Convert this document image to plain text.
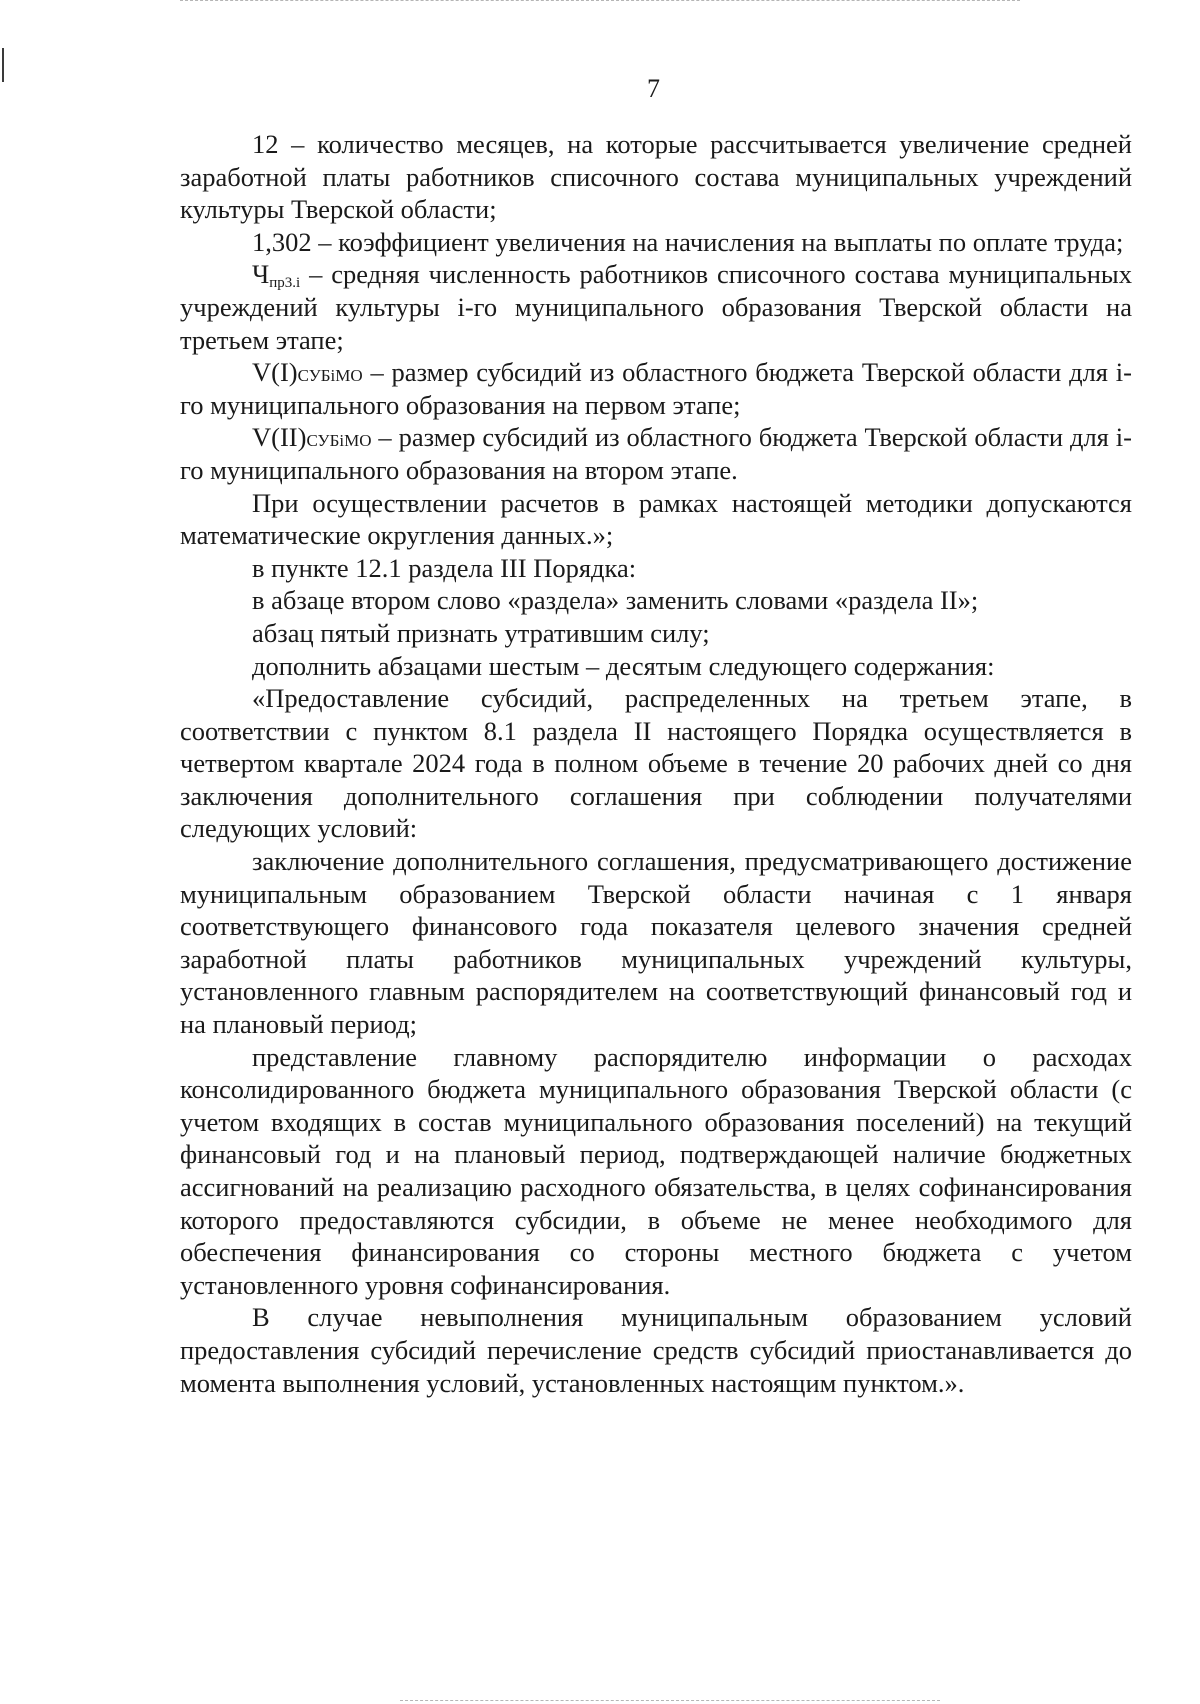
7

12 – количество месяцев, на которые рассчитывается увеличение средней заработной платы работников списочного состава муниципальных учреждений культуры Тверской области;

1,302 – коэффициент увеличения на начисления на выплаты по оплате труда;

$Ч_{пр3.i}$ – средняя численность работников списочного состава муниципальных учреждений культуры i-го муниципального образования Тверской области на третьем этапе;

V(I)СУБiМО – размер субсидий из областного бюджета Тверской области для i-го муниципального образования на первом этапе;

V(II)СУБiМО – размер субсидий из областного бюджета Тверской области для i-го муниципального образования на втором этапе.

При осуществлении расчетов в рамках настоящей методики допускаются математические округления данных.»;

в пункте 12.1 раздела III Порядка:

в абзаце втором слово «раздела» заменить словами «раздела II»;

абзац пятый признать утратившим силу;

дополнить абзацами шестым – десятым следующего содержания:

«Предоставление субсидий, распределенных на третьем этапе, в соответствии с пунктом 8.1 раздела II настоящего Порядка осуществляется в четвертом квартале 2024 года в полном объеме в течение 20 рабочих дней со дня заключения дополнительного соглашения при соблюдении получателями следующих условий:

заключение дополнительного соглашения, предусматривающего достижение муниципальным образованием Тверской области начиная с 1 января соответствующего финансового года показателя целевого значения средней заработной платы работников муниципальных учреждений культуры, установленного главным распорядителем на соответствующий финансовый год и на плановый период;

представление главному распорядителю информации о расходах консолидированного бюджета муниципального образования Тверской области (с учетом входящих в состав муниципального образования поселений) на текущий финансовый год и на плановый период, подтверждающей наличие бюджетных ассигнований на реализацию расходного обязательства, в целях софинансирования которого предоставляются субсидии, в объеме не менее необходимого для обеспечения финансирования со стороны местного бюджета с учетом установленного уровня софинансирования.

В случае невыполнения муниципальным образованием условий предоставления субсидий перечисление средств субсидий приостанавливается до момента выполнения условий, установленных настоящим пунктом.».
